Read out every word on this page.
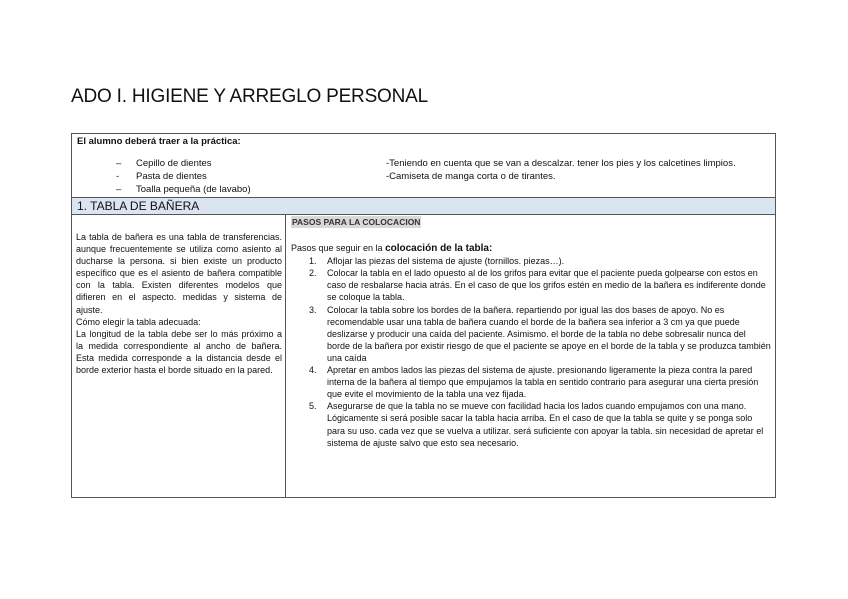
ADO I. HIGIENE Y ARREGLO PERSONAL
El alumno deberá traer a la práctica:
– Cepillo de dientes
- Pasta de dientes
– Toalla pequeña (de lavabo)
-Teniendo en cuenta que se van a descalzar. tener los pies y los calcetines limpios.
-Camiseta de manga corta o de tirantes.
1. TABLA DE BAÑERA

La tabla de bañera es una tabla de transferencias. aunque frecuentemente se utiliza como asiento al ducharse la persona. si bien existe un producto específico que es el asiento de bañera compatible con la tabla. Existen diferentes modelos que difieren en el aspecto. medidas y sistema de ajuste.

Cómo elegir la tabla adecuada:

La longitud de la tabla debe ser lo más próximo a la medida correspondiente al ancho de bañera. Esta medida corresponde a la distancia desde el borde exterior hasta el borde situado en la pared.

PASOS PARA LA COLOCACION
Pasos que seguir en la colocación de la tabla:
1. Aflojar las piezas del sistema de ajuste (tornillos. piezas…).
2. Colocar la tabla en el lado opuesto al de los grifos para evitar que el paciente pueda golpearse con estos en caso de resbalarse hacia atrás. En el caso de que los grifos estén en medio de la bañera es indiferente donde se coloque la tabla.
3. Colocar la tabla sobre los bordes de la bañera. repartiendo por igual las dos bases de apoyo. No es recomendable usar una tabla de bañera cuando el borde de la bañera sea inferior a 3 cm ya que puede deslizarse y producir una caída del paciente. Asimismo. el borde de la tabla no debe sobresalir nunca del borde de la bañera por existir riesgo de que el paciente se apoye en el borde de la tabla y se produzca también una caída
4. Apretar en ambos lados las piezas del sistema de ajuste. presionando ligeramente la pieza contra la pared interna de la bañera al tiempo que empujamos la tabla en sentido contrario para asegurar una cierta presión que evite el movimiento de la tabla una vez fijada.
5. Asegurarse de que la tabla no se mueve con facilidad hacia los lados cuando empujamos con una mano. Lógicamente si será posible sacar la tabla hacia arriba. En el caso de que la tabla se quite y se ponga solo para su uso. cada vez que se vuelva a utilizar. será suficiente con apoyar la tabla. sin necesidad de apretar el sistema de ajuste salvo que esto sea necesario.
